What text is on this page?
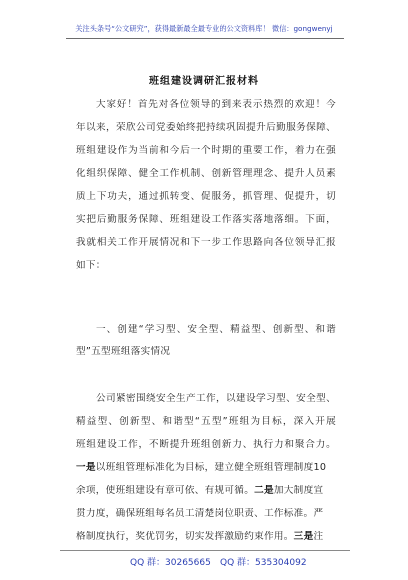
关注头条号“公文研究”，获得最新最全最专业的公文资料库！ 微信：gongwenyj
班组建设调研汇报材料
大家好！首先对各位领导的到来表示热烈的欢迎！今
年以来，荣欣公司党委始终把持续巩固提升后勤服务保障、
班组建设作为当前和今后一个时期的重要工作，着力在强
化组织保障、健全工作机制、创新管理理念、提升人员素
质上下功夫，通过抓转变、促服务，抓管理、促提升，切
实把后勤服务保障、班组建设工作落实落地落细。下面，
我就相关工作开展情况和下一步工作思路向各位领导汇报
如下：
一、创建“学习型、安全型、精益型、创新型、和谐
型”五型班组落实情况
公司紧密围绕安全生产工作，以建设学习型、安全型、
精益型、创新型、和谐型“五型”班组为目标，深入开展
班组建设工作，不断提升班组创新力、执行力和聚合力。
一是以班组管理标准化为目标，建立健全班组管理制度10
余项，使班组建设有章可依、有规可循。二是加大制度宣
贯力度，确保班组每名员工清楚岗位职责、工作标准。严
格制度执行，奖优罚劣，切实发挥激励约束作用。三是注
QQ 群：30265665 QQ 群：535304092
